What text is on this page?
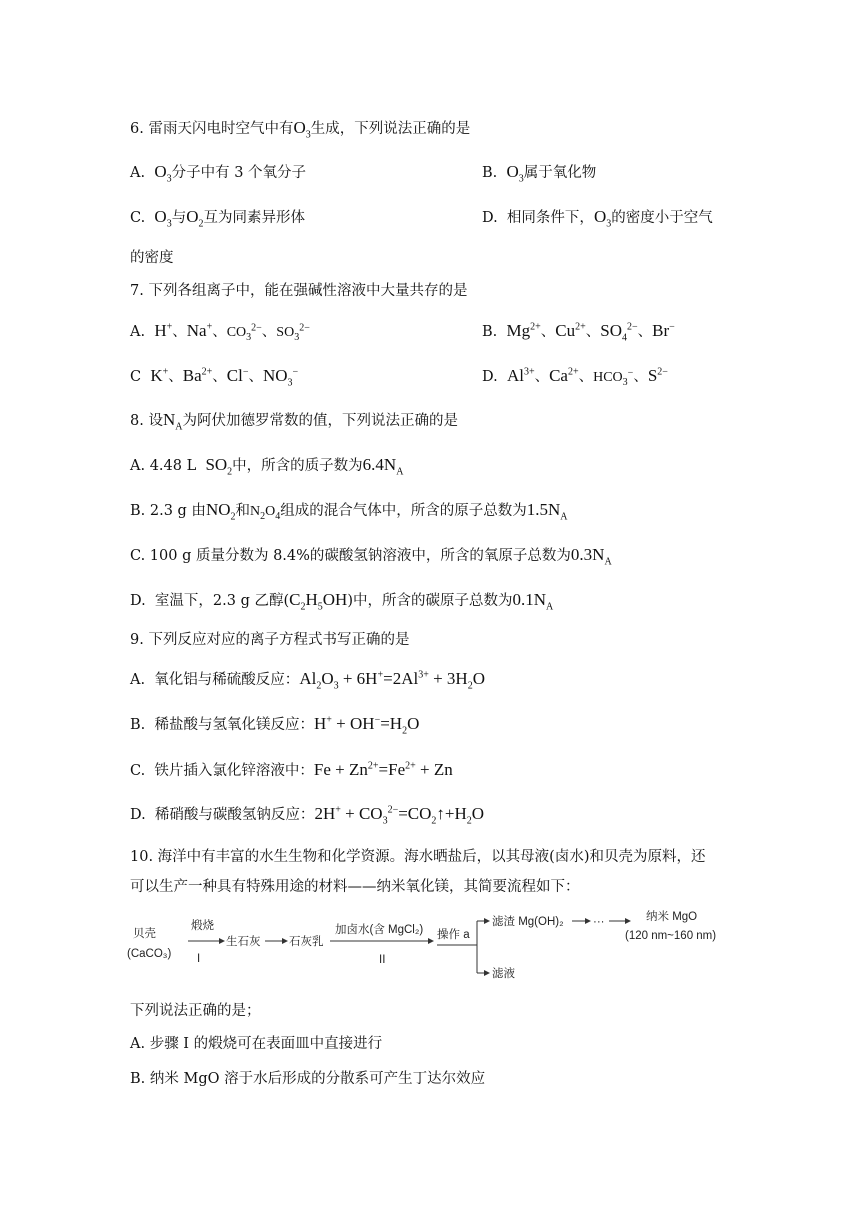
6. 雷雨天闪电时空气中有$O_3$生成，下列说法正确的是
A.  $O_3$分子中有 3 个氧分子	B.  $O_3$属于氧化物
C.  $O_3$与$O_2$互为同素异形体	D.  相同条件下，$O_3$的密度小于空气
的密度
7. 下列各组离子中，能在强碱性溶液中大量共存的是
A.  H+、Na+、$CO_3^{2-}$、$SO_3^{2-}$	B.  $Mg^{2+}$、$Cu^{2+}$、$SO_4^{2-}$、Br−
C  K+、$Ba^{2+}$、Cl−、$NO_3^-$	D.  $Al^{3+}$、$Ca^{2+}$、$HCO_3^-$、$S^{2-}$
8. 设$N_A$为阿伏加德罗常数的值，下列说法正确的是
A. 4.48 L  $SO_2$中，所含的质子数为$6.4N_A$
B. 2.3 g 由$NO_2$和$N_2O_4$组成的混合气体中，所含的原子总数为$1.5N_A$
C. 100 g 质量分数为 8.4%的碳酸氢钠溶液中，所含的氧原子总数为$0.3N_A$
D.  室温下，2.3 g 乙醇$(C_2H_5OH)$中，所含的碳原子总数为$0.1N_A$
9. 下列反应对应的离子方程式书写正确的是
A.  氧化铝与稀硫酸反应：$Al_2O_3 + 6H^+=2Al^{3+} + 3H_2O$
B.  稀盐酸与氢氧化镁反应：$H^+ + OH^-=H_2O$
C.  铁片插入氯化锌溶液中：$Fe + Zn^{2+}=Fe^{2+} + Zn$
D.  稀硝酸与碳酸氢钠反应：$2H^+ + CO_3^{2-}=CO_2↑+H_2O$
10. 海洋中有丰富的水生生物和化学资源。海水晒盐后，以其母液(卤水)和贝壳为原料，还
可以生产一种具有特殊用途的材料——纳米氧化镁，其简要流程如下：
贝壳
(CaCO₃)
煅烧
I
生石灰 石灰乳
加卤水(含 MgCl₂)
II
操作 a
滤渣 Mg(OH)₂	···	纳米 MgO
(120 nm~160 nm)
滤液
下列说法正确的是；
A. 步骤 I 的煅烧可在表面皿中直接进行
B. 纳米 MgO 溶于水后形成的分散系可产生丁达尔效应
